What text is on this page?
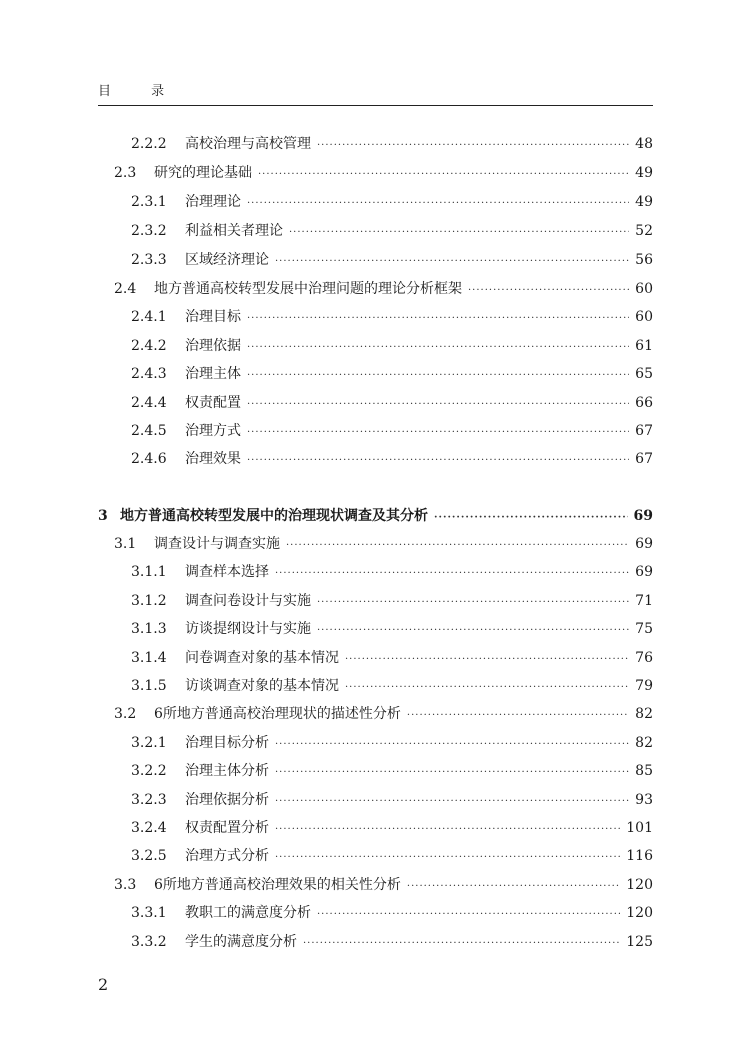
目 录
2.2.2	高校治理与高校管理 ·····	48
2.3	研究的理论基础 ·····	49
2.3.1	治理理论 ·····	49
2.3.2	利益相关者理论 ·····	52
2.3.3	区域经济理论 ·····	56
2.4	地方普通高校转型发展中治理问题的理论分析框架 ·····	60
2.4.1	治理目标 ·····	60
2.4.2	治理依据 ·····	61
2.4.3	治理主体 ·····	65
2.4.4	权责配置 ·····	66
2.4.5	治理方式 ·····	67
2.4.6	治理效果 ·····	67
3 地方普通高校转型发展中的治理现状调查及其分析 ·····	69
3.1	调查设计与调查实施 ·····	69
3.1.1	调查样本选择 ·····	69
3.1.2	调查问卷设计与实施 ·····	71
3.1.3	访谈提纲设计与实施 ·····	75
3.1.4	问卷调查对象的基本情况 ·····	76
3.1.5	访谈调查对象的基本情况 ·····	79
3.2	6所地方普通高校治理现状的描述性分析 ·····	82
3.2.1	治理目标分析 ·····	82
3.2.2	治理主体分析 ·····	85
3.2.3	治理依据分析 ·····	93
3.2.4	权责配置分析 ·····	101
3.2.5	治理方式分析 ·····	116
3.3	6所地方普通高校治理效果的相关性分析 ·····	120
3.3.1	教职工的满意度分析 ·····	120
3.3.2	学生的满意度分析 ·····	125
2
